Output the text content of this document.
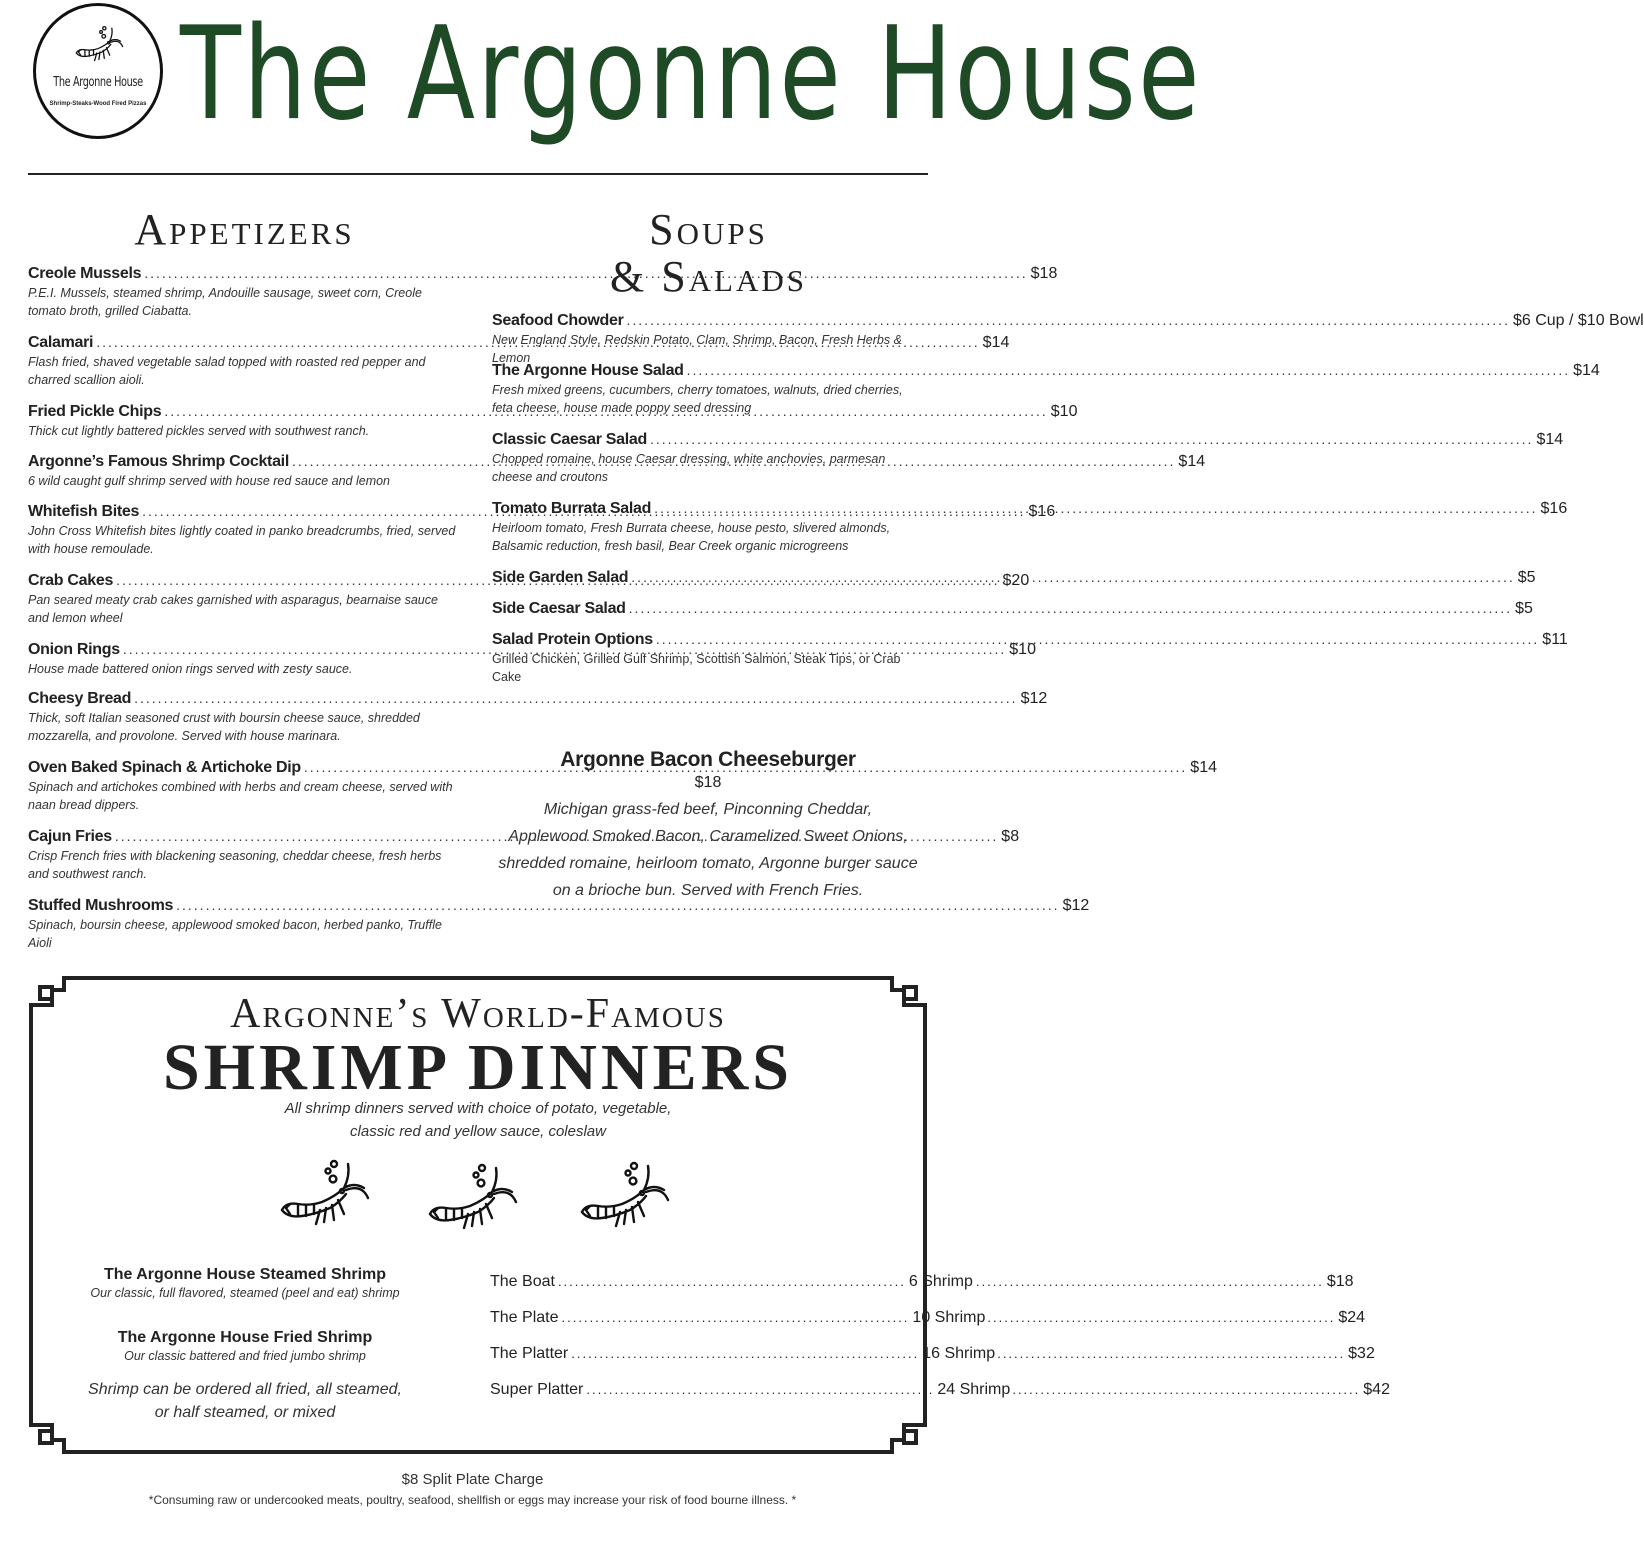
The Argonne House
Shrimp-Steaks-Wood Fired Pizzas The Argonne House
Appetizers
Creole Mussels .....	$18
P.E.I. Mussels, steamed shrimp, Andouille sausage, sweet corn, Creole tomato broth, grilled Ciabatta.
Calamari .....	$14
Flash fried, shaved vegetable salad topped with roasted red pepper and charred scallion aioli.
Fried Pickle Chips .....	$10
Thick cut lightly battered pickles served with southwest ranch.
Argonne’s Famous Shrimp Cocktail .....	$14
6 wild caught gulf shrimp served with house red sauce and lemon
Whitefish Bites .....	$16
John Cross Whitefish bites lightly coated in panko breadcrumbs, fried, served with house remoulade.
Crab Cakes .....	$20
Pan seared meaty crab cakes garnished with asparagus, bearnaise sauce and lemon wheel
Onion Rings .....	$10
House made battered onion rings served with zesty sauce.
Cheesy Bread .....	$12
Thick, soft Italian seasoned crust with boursin cheese sauce, shredded mozzarella, and provolone. Served with house marinara.
Oven Baked Spinach & Artichoke Dip .....	$14
Spinach and artichokes combined with herbs and cream cheese, served with naan bread dippers.
Cajun Fries .....	$8
Crisp French fries with blackening seasoning, cheddar cheese, fresh herbs and southwest ranch.
Stuffed Mushrooms .....	$12
Spinach, boursin cheese, applewood smoked bacon, herbed panko, Truffle Aioli
Soups
& Salads
Seafood Chowder .....	$6 Cup / $10 Bowl
New England Style, Redskin Potato, Clam, Shrimp, Bacon, Fresh Herbs & Lemon
The Argonne House Salad .....	$14
Fresh mixed greens, cucumbers, cherry tomatoes, walnuts, dried cherries, feta cheese, house made poppy seed dressing
Classic Caesar Salad .....	$14
Chopped romaine, house Caesar dressing, white anchovies, parmesan cheese and croutons
Tomato Burrata Salad .....	$16
Heirloom tomato, Fresh Burrata cheese, house pesto, slivered almonds, Balsamic reduction, fresh basil, Bear Creek organic microgreens
Side Garden Salad .....	$5
Side Caesar Salad .....	$5
Salad Protein Options .....	$11
Grilled Chicken, Grilled Gulf Shrimp, Scottish Salmon, Steak Tips, or Crab Cake
Argonne Bacon Cheeseburger
$18
Michigan grass-fed beef, Pinconning Cheddar,
Applewood Smoked Bacon, Caramelized Sweet Onions,
shredded romaine, heirloom tomato, Argonne burger sauce
on a brioche bun. Served with French Fries.
Argonne’s World-Famous
SHRIMP DINNERS
All shrimp dinners served with choice of potato, vegetable,
classic red and yellow sauce, coleslaw
The Argonne House Steamed Shrimp
Our classic, full flavored, steamed (peel and eat) shrimp
The Argonne House Fried Shrimp
Our classic battered and fried jumbo shrimp
Shrimp can be ordered all fried, all steamed,
or half steamed, or mixed
The Boat .....	6 Shrimp .....	$18
The Plate .....	10 Shrimp .....	$24
The Platter .....	16 Shrimp .....	$32
Super Platter .....	24 Shrimp .....	$42
$8 Split Plate Charge
*Consuming raw or undercooked meats, poultry, seafood, shellfish or eggs may increase your risk of food bourne illness. *
